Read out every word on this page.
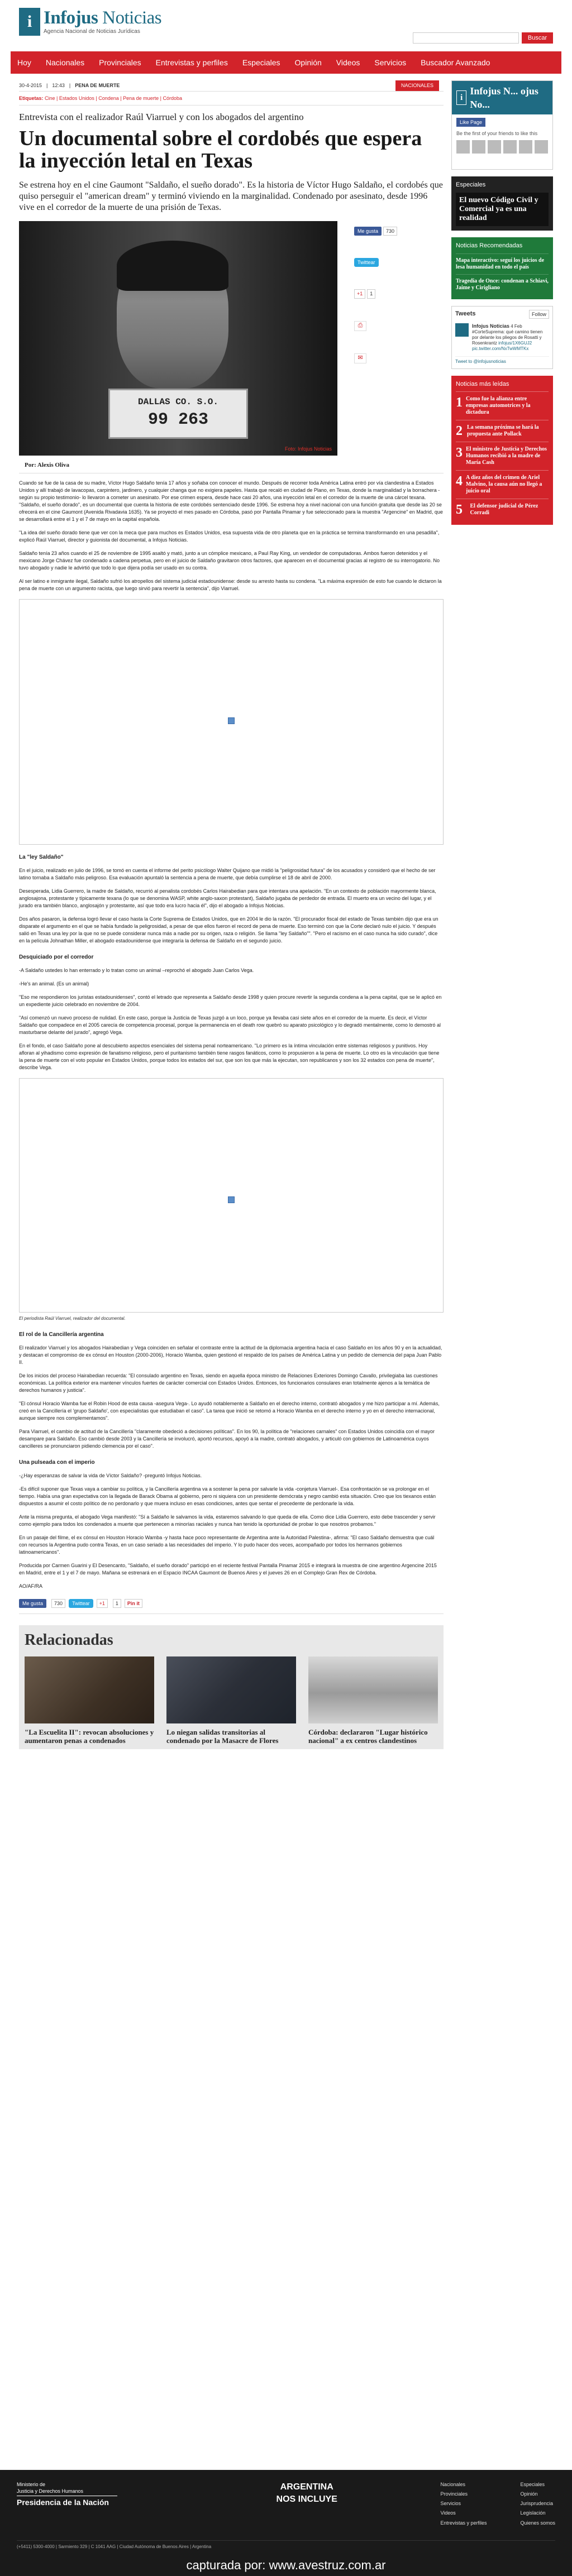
i Infojus Noticias
Agencia Nacional de Noticias Jurídicas
Buscar
Hoy Nacionales Provinciales Entrevistas y perfiles Especiales Opinión Videos Servicios Buscador Avanzado
30-4-2015 | 12:43 | PENA DE MUERTE	NACIONALES
Etiquetas: Cine | Estados Unidos | Condena | Pena de muerte | Córdoba
Entrevista con el realizador Raúl Viarruel y con los abogados del argentino
Un documental sobre el cordobés que espera la inyección letal en Texas
Se estrena hoy en el cine Gaumont "Saldaño, el sueño dorado". Es la historia de Víctor Hugo Saldaño, el cordobés que quiso perseguir el "american dream" y terminó viviendo en la marginalidad. Condenado por asesinato, desde 1996 vive en el corredor de la muerte de una prisión de Texas.
DALLAS CO. S.O.
99 263
Foto: Infojus Noticias
Me gusta	730
Twittear
+1	1
⎙
✉
Por: Alexis Oliva

Cuando se fue de la casa de su madre, Víctor Hugo Saldaño tenía 17 años y soñaba con conocer el mundo. Después de recorrer toda América Latina entró por vía clandestina a Estados Unidos y allí trabajó de lavacopas, carpintero, jardinero, y cualquier changa que no exigiera papeles. Hasta que recaló en ciudad de Plano, en Texas, donde la marginalidad y la borrachera -según su propio testimonio- lo llevaron a cometer un asesinato. Por ese crimen espera, desde hace casi 20 años, una inyección letal en el corredor de la muerte de una cárcel texana. "Saldaño, el sueño dorado", es un documental que cuenta la historia de este cordobés sentenciado desde 1996. Se estrena hoy a nivel nacional con una función gratuita que desde las 20 se ofrecerá en el cine Gaumont (Avenida Rivadavia 1635). Ya se proyectó el mes pasado en Córdoba, pasó por Pantalla Pinamar y fue seleccionado para la muestra "Argencine" en Madrid, que se desarrollará entre el 1 y el 7 de mayo en la capital española.

"La idea del sueño dorado tiene que ver con la meca que para muchos es Estados Unidos, esa supuesta vida de otro planeta que en la práctica se termina transformando en una pesadilla", explicó Raúl Viarruel, director y guionista del documental, a Infojus Noticias.

Saldaño tenía 23 años cuando el 25 de noviembre de 1995 asaltó y mató, junto a un cómplice mexicano, a Paul Ray King, un vendedor de computadoras. Ambos fueron detenidos y el mexicano Jorge Chávez fue condenado a cadena perpetua, pero en el juicio de Saldaño gravitaron otros factores, que aparecen en el documental gracias al registro de su interrogatorio. No tuvo abogado y nadie le advirtió que todo lo que dijera podía ser usado en su contra.

Al ser latino e inmigrante ilegal, Saldaño sufrió los atropellos del sistema judicial estadounidense: desde su arresto hasta su condena. "La máxima expresión de esto fue cuando le dictaron la pena de muerte con un argumento racista, que luego sirvió para revertir la sentencia", dijo Viarruel.

La "ley Saldaño"

En el juicio, realizado en julio de 1996, se tomó en cuenta el informe del perito psicólogo Walter Quijano que midió la "peligrosidad futura" de los acusados y consideró que el hecho de ser latino tornaba a Saldaño más peligroso. Esa evaluación apuntaló la sentencia a pena de muerte, que debía cumplirse el 18 de abril de 2000.

Desesperada, Lidia Guerrero, la madre de Saldaño, recurrió al penalista cordobés Carlos Hairabedian para que intentara una apelación. "En un contexto de población mayormente blanca, anglosajona, protestante y típicamente texana (lo que se denomina WASP, white anglo-saxon protestant), Saldaño jugaba de perdedor de entrada. El muerto era un vecino del lugar, y el jurado era también blanco, anglosajón y protestante, así que todo era lucro hacia él", dijo el abogado a Infojus Noticias.

Dos años pasaron, la defensa logró llevar el caso hasta la Corte Suprema de Estados Unidos, que en 2004 le dio la razón. "El procurador fiscal del estado de Texas también dijo que era un disparate el argumento en el que se había fundado la peligrosidad, a pesar de que ellos fueron el record de pena de muerte. Eso terminó con que la Corte declaró nulo el juicio. Y después salió en Texas una ley por la que no se puede considerar nunca más a nadie por su origen, raza o religión. Se llama "ley Saldaño"". "Pero el racismo en el caso nunca ha sido curado", dice en la película Johnathan Miller, el abogado estadounidense que integraría la defensa de Saldaño en el segundo juicio.

Desquiciado por el corredor

-A Saldaño ustedes lo han enterrado y lo tratan como un animal –reprochó el abogado Juan Carlos Vega.

-He's an animal. (Es un animal)

"Eso me respondieron los juristas estadounidenses", contó el letrado que representa a Saldaño desde 1998 y quien procure revertir la segunda condena a la pena capital, que se le aplicó en un expediente juicio celebrado en noviembre de 2004.

"Así comenzó un nuevo proceso de nulidad. En este caso, porque la Justicia de Texas juzgó a un loco, porque ya llevaba casi siete años en el corredor de la muerte. Es decir, el Víctor Saldaño que compadece en el 2005 carecía de competencia procesal, porque la permanencia en el death row quebró su aparato psicológico y lo degradó mentalmente, como lo demostró al masturbarse delante del jurado", agregó Vega.

En el fondo, el caso Saldaño pone al descubierto aspectos esenciales del sistema penal norteamericano. "Lo primero es la íntima vinculación entre sistemas religiosos y punitivos. Hoy afloran al yihadismo como expresión de fanatismo religioso, pero el puritanismo también tiene rasgos fanáticos, como lo propusieron a la pena de muerte. Lo otro es la vinculación que tiene la pena de muerte con el voto popular en Estados Unidos, porque todos los estados del sur, que son los que más la ejecutan, son republicanos y son los 32 estados con pena de muerte", describe Vega.

El periodista Raúl Viarruel, realizador del documental.
El rol de la Cancillería argentina

El realizador Viarruel y los abogados Hairabedian y Vega coinciden en señalar el contraste entre la actitud de la diplomacia argentina hacia el caso Saldaño en los años 90 y en la actualidad, y destacan el compromiso de ex cónsul en Houston (2000-2006), Horacio Wamba, quien gestionó el respaldo de los países de América Latina y un pedido de clemencia del papa Juan Pablo II.

De los inicios del proceso Hairabedian recuerda: "El consulado argentino en Texas, siendo en aquella época ministro de Relaciones Exteriores Domingo Cavallo, privilegiaba las cuestiones económicas. La política exterior era mantener vínculos fuertes de carácter comercial con Estados Unidos. Entonces, los funcionarios consulares eran totalmente ajenos a la temática de derechos humanos y justicia".

"El cónsul Horacio Wamba fue el Robin Hood de esta causa -asegura Vega-. Lo ayudó notablemente a Saldaño en el derecho interno, contrató abogados y me hizo participar a mí. Además, creó en la Cancillería el 'grupo Saldaño', con especialistas que estudiaban el caso". La tarea que inició se retomó a Horacio Wamba en el derecho interno y yo en el derecho internacional, aunque siempre nos complementamos".

Para Viarruel, el cambio de actitud de la Cancillería "claramente obedeció a decisiones políticas". En los 90, la política de "relaciones carnales" con Estados Unidos coincidía con el mayor desampare para Saldaño. Eso cambió desde 2003 y la Cancillería se involucró, aportó recursos, apoyó a la madre, contrató abogados, y articuló con gobiernos de Latinoamérica cuyos cancilleres se pronunciaron pidiendo clemencia por el caso".

Una pulseada con el imperio

-¿Hay esperanzas de salvar la vida de Víctor Saldaño? -preguntó Infojus Noticias.

-Es difícil suponer que Texas vaya a cambiar su política, y la Cancillería argentina va a sostener la pena por salvarle la vida -conjetura Viarruel-. Esa confrontación se va prolongar en el tiempo. Había una gran expectativa con la llegada de Barack Obama al gobierno, pero ni siquiera con un presidente demócrata y negro cambió esta situación. Creo que los tiexanos están dispuestos a asumir el costo político de no perdonarlo y que muera incluso en esas condiciones, antes que sentar el precedente de perdonarle la vida.

Ante la misma pregunta, el abogado Vega manifestó: "Sí a Saldaño le salvamos la vida, estaremos salvando lo que queda de ella. Como dice Lidia Guerrero, esto debe trascender y servir como ejemplo para todos los condenados a muerte que pertenecen a minorías raciales y nunca han tenido la oportunidad de probar lo que nosotros probamos."

En un pasaje del filme, el ex cónsul en Houston Horacio Wamba -y hasta hace poco representante de Argentina ante la Autoridad Palestina-, afirma: "El caso Saldaño demuestra que cuál con recursos la Argentina pudo contra Texas, en un caso seriado a las necesidades del imperio. Y lo pudo hacer dos veces, acompañado por todos los hermanos gobiernos latinoamericanos".

Producida por Carmen Guarini y El Desencanto, "Saldaño, el sueño dorado" participó en el reciente festival Pantalla Pinamar 2015 e integrará la muestra de cine argentino Argencine 2015 en Madrid, entre el 1 y el 7 de mayo. Mañana se estrenará en el Espacio INCAA Gaumont de Buenos Aires y el jueves 26 en el Complejo Gran Rex de Córdoba.

AO/AF/RA

Me gusta	730	Twittear	+1	1	Pin it
Relacionadas
"La Escuelita II": revocan absoluciones y aumentaron penas a condenados
Lo niegan salidas transitorias al condenado por la Masacre de Flores
Córdoba: declararon "Lugar histórico nacional" a ex centros clandestinos
i
Infojus N... ojus No...
Like Page
Be the first of your friends to like this
Especiales
El nuevo Código Civil y Comercial ya es una realidad
Noticias Recomendadas
Mapa interactivo: seguí los juicios de lesa humanidad en todo el país
Tragedia de Once: condenan a Schiavi, Jaime y Cirigliano
Tweets	Follow
Infojus Noticias 4 Feb
#CorteSuprema: qué camino tienen por delante los pliegos de Rosatti y Rosenkrantz infojus/1X6GUJ2 pic.twitter.com/NxTwWMTKx
Tweet to @infojusnoticias
Noticias más leídas
1 Como fue la alianza entre empresas automotrices y la dictadura
2 La semana próxima se hará la propuesta ante Pollack
3 El ministro de Justicia y Derechos Humanos recibió a la madre de María Cash
4 A diez años del crimen de Ariel Malvino, la causa aún no llegó a juicio oral
5	El defensor judicial de Pérez Corradi
Ministerio de
Justicia y Derechos Humanos
Presidencia de la Nación
ARGENTINA
NOS INCLUYE
Nacionales
Provinciales
Servicios
Videos
Entrevistas y perfiles
Especiales
Opinión
Jurisprudencia
Legislación
Quienes somos
(+5411) 5300-4000 | Sarmiento 329 | C 1041 AAG | Ciudad Autónoma de Buenos Aires | Argentina
capturada por: www.avestruz.com.ar
